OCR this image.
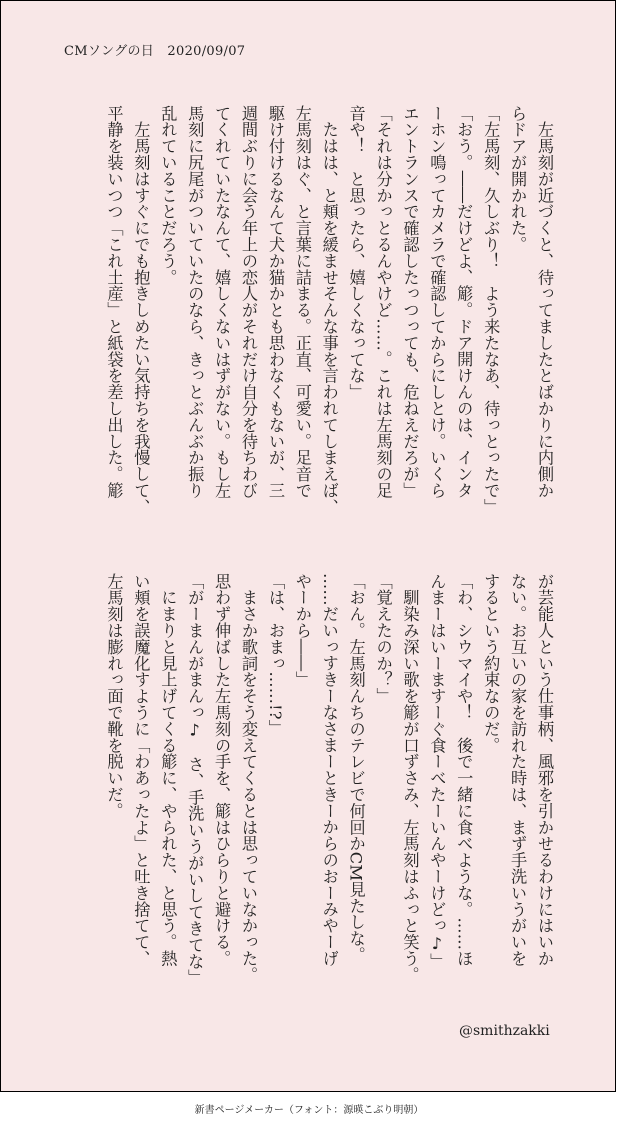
CMソングの日　 2020/09/07
　左馬刻が近づくと、待ってましたとばかりに内側か
らドアが開かれた。
「左馬刻、久しぶり！　よう来たなあ、待っとったで」
「おう。――だけどよ、簓。ドア開けんのは、インタ
ーホン鳴ってカメラで確認してからにしとけ。いくら
エントランスで確認したっつっても、危ねえだろが」
「それは分かっとるんやけど……。これは左馬刻の足
音や！　と思ったら、嬉しくなってな」
　たはは、と頬を緩ませそんな事を言われてしまえば、
左馬刻はぐ、と言葉に詰まる。正直、可愛い。足音で
駆け付けるなんて犬か猫かとも思わなくもないが、三
週間ぶりに会う年上の恋人がそれだけ自分を待ちわび
てくれていたなんて、嬉しくないはずがない。もし左
馬刻に尻尾がついていたのなら、きっとぶんぶか振り
乱れていることだろう。
　左馬刻はすぐにでも抱きしめたい気持ちを我慢して、
平静を装いつつ「これ土産」と紙袋を差し出した。簓
が芸能人という仕事柄、風邪を引かせるわけにはいか
ない。お互いの家を訪れた時は、まず手洗いうがいを
するという約束なのだ。
「わ、シウマイや！　後で一緒に食べような。……ほ
んまーはいーますーぐ食ーべたーいんやーけどっ♪」
　馴染み深い歌を簓が口ずさみ、左馬刻はふっと笑う。
「覚えたのか？」
「おん。左馬刻んちのテレビで何回かCM見たしな。
……だいっすきーなさまーときーからのおーみやーげ
やーから――」
「は、おまっ……!?」
　まさか歌詞をそう変えてくるとは思っていなかった。
思わず伸ばした左馬刻の手を、簓はひらりと避ける。
「がーまんがまんっ♪　さ、手洗いうがいしてきてな」
　にまりと見上げてくる簓に、やられた、と思う。熱
い頬を誤魔化すように「わあったよ」と吐き捨てて、
左馬刻は膨れっ面で靴を脱いだ。
@smithzakki
新書ページメーカー（フォント：源暎こぶり明朝）
